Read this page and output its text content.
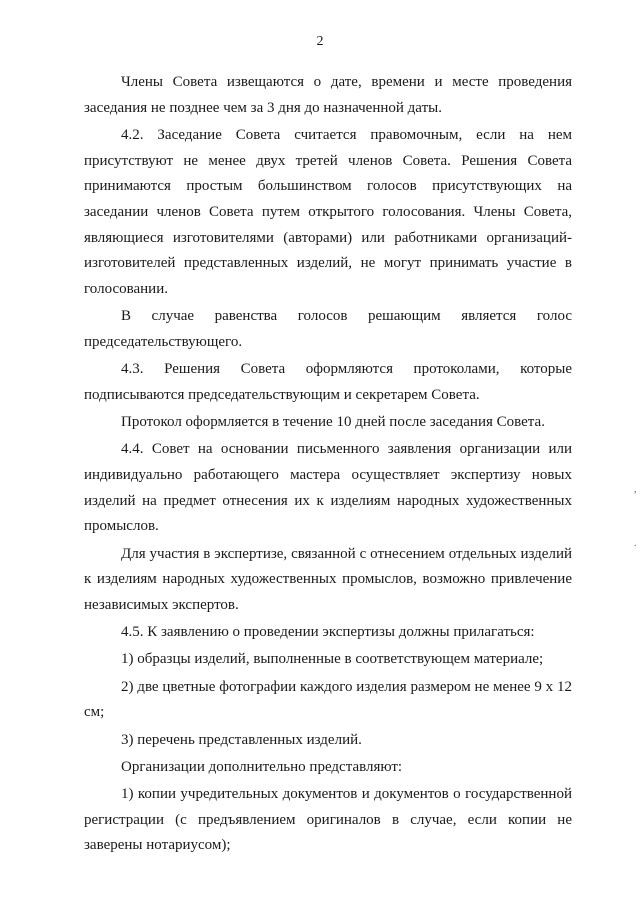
2

Члены Совета извещаются о дате, времени и месте проведения заседания не позднее чем за 3 дня до назначенной даты.

4.2. Заседание Совета считается правомочным, если на нем присутствуют не менее двух третей членов Совета. Решения Совета принимаются простым большинством голосов присутствующих на заседании членов Совета путем открытого голосования. Члены Совета, являющиеся изготовителями (авторами) или работниками организаций-изготовителей представленных изделий, не могут принимать участие в голосовании.

В случае равенства голосов решающим является голос председательствующего.

4.3. Решения Совета оформляются протоколами, которые подписываются председательствующим и секретарем Совета.

Протокол оформляется в течение 10 дней после заседания Совета.

4.4. Совет на основании письменного заявления организации или индивидуально работающего мастера осуществляет экспертизу новых изделий на предмет отнесения их к изделиям народных художественных промыслов.

Для участия в экспертизе, связанной с отнесением отдельных изделий к изделиям народных художественных промыслов, возможно привлечение независимых экспертов.

4.5. К заявлению о проведении экспертизы должны прилагаться:

1) образцы изделий, выполненные в соответствующем материале;

2) две цветные фотографии каждого изделия размером не менее 9 х 12 см;

3) перечень представленных изделий.

Организации дополнительно представляют:

1) копии учредительных документов и документов о государственной регистрации (с предъявлением оригиналов в случае, если копии не заверены нотариусом);

,
.
